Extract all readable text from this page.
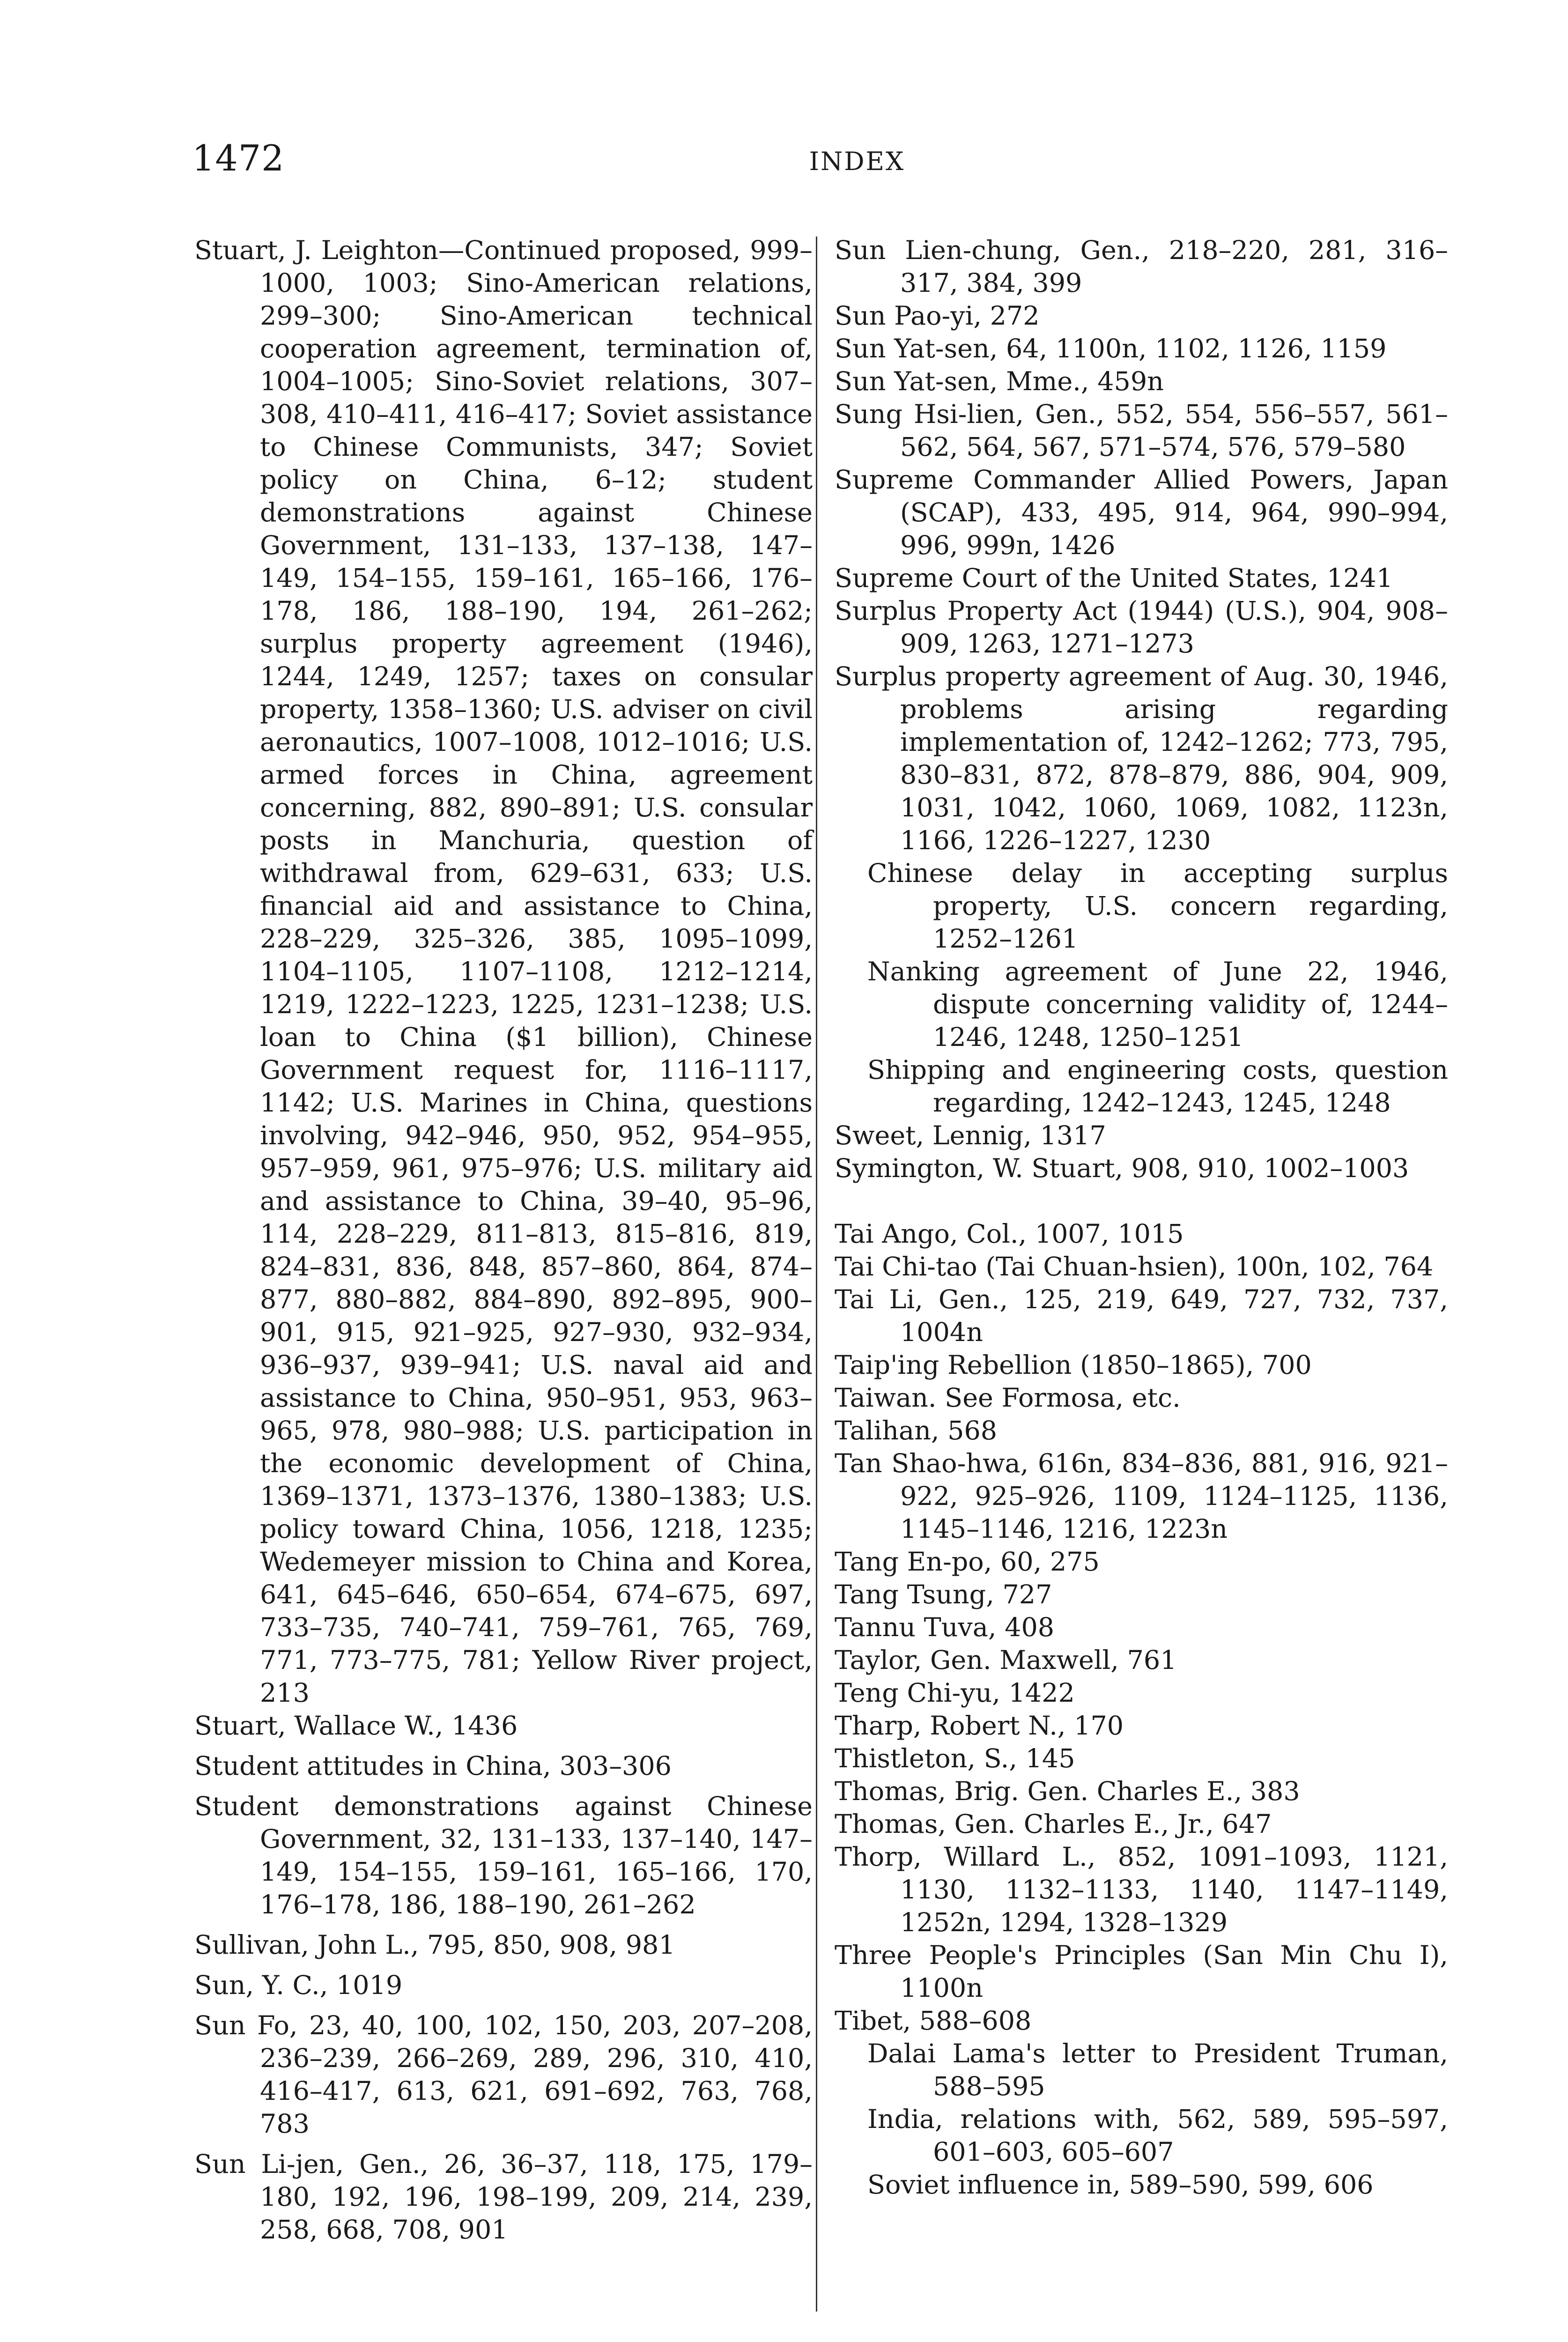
1472	INDEX
Stuart, J. Leighton—Continued proposed, 999–1000, 1003; Sino-American relations, 299–300; Sino-American technical cooperation agreement, termination of, 1004–1005; Sino-Soviet relations, 307–308, 410–411, 416–417; Soviet assistance to Chinese Communists, 347; Soviet policy on China, 6–12; student demonstrations against Chinese Government, 131–133, 137–138, 147–149, 154–155, 159–161, 165–166, 176–178, 186, 188–190, 194, 261–262; surplus property agreement (1946), 1244, 1249, 1257; taxes on consular property, 1358–1360; U.S. adviser on civil aeronautics, 1007–1008, 1012–1016; U.S. armed forces in China, agreement concerning, 882, 890–891; U.S. consular posts in Manchuria, question of withdrawal from, 629–631, 633; U.S. financial aid and assistance to China, 228–229, 325–326, 385, 1095–1099, 1104–1105, 1107–1108, 1212–1214, 1219, 1222–1223, 1225, 1231–1238; U.S. loan to China ($1 billion), Chinese Government request for, 1116–1117, 1142; U.S. Marines in China, questions involving, 942–946, 950, 952, 954–955, 957–959, 961, 975–976; U.S. military aid and assistance to China, 39–40, 95–96, 114, 228–229, 811–813, 815–816, 819, 824–831, 836, 848, 857–860, 864, 874–877, 880–882, 884–890, 892–895, 900–901, 915, 921–925, 927–930, 932–934, 936–937, 939–941; U.S. naval aid and assistance to China, 950–951, 953, 963–965, 978, 980–988; U.S. participation in the economic development of China, 1369–1371, 1373–1376, 1380–1383; U.S. policy toward China, 1056, 1218, 1235; Wedemeyer mission to China and Korea, 641, 645–646, 650–654, 674–675, 697, 733–735, 740–741, 759–761, 765, 769, 771, 773–775, 781; Yellow River project, 213
Stuart, Wallace W., 1436
Student attitudes in China, 303–306
Student demonstrations against Chinese Government, 32, 131–133, 137–140, 147–149, 154–155, 159–161, 165–166, 170, 176–178, 186, 188–190, 261–262
Sullivan, John L., 795, 850, 908, 981
Sun, Y. C., 1019
Sun Fo, 23, 40, 100, 102, 150, 203, 207–208, 236–239, 266–269, 289, 296, 310, 410, 416–417, 613, 621, 691–692, 763, 768, 783
Sun Li-jen, Gen., 26, 36–37, 118, 175, 179–180, 192, 196, 198–199, 209, 214, 239, 258, 668, 708, 901
Sun Lien-chung, Gen., 218–220, 281, 316–317, 384, 399
Sun Pao-yi, 272
Sun Yat-sen, 64, 1100n, 1102, 1126, 1159
Sun Yat-sen, Mme., 459n
Sung Hsi-lien, Gen., 552, 554, 556–557, 561–562, 564, 567, 571–574, 576, 579–580
Supreme Commander Allied Powers, Japan (SCAP), 433, 495, 914, 964, 990–994, 996, 999n, 1426
Supreme Court of the United States, 1241
Surplus Property Act (1944) (U.S.), 904, 908–909, 1263, 1271–1273
Surplus property agreement of Aug. 30, 1946, problems arising regarding implementation of, 1242–1262; 773, 795, 830–831, 872, 878–879, 886, 904, 909, 1031, 1042, 1060, 1069, 1082, 1123n, 1166, 1226–1227, 1230
Chinese delay in accepting surplus property, U.S. concern regarding, 1252–1261
Nanking agreement of June 22, 1946, dispute concerning validity of, 1244–1246, 1248, 1250–1251
Shipping and engineering costs, question regarding, 1242–1243, 1245, 1248
Sweet, Lennig, 1317
Symington, W. Stuart, 908, 910, 1002–1003
Tai Ango, Col., 1007, 1015
Tai Chi-tao (Tai Chuan-hsien), 100n, 102, 764
Tai Li, Gen., 125, 219, 649, 727, 732, 737, 1004n
Taip'ing Rebellion (1850–1865), 700
Taiwan. See Formosa, etc.
Talihan, 568
Tan Shao-hwa, 616n, 834–836, 881, 916, 921–922, 925–926, 1109, 1124–1125, 1136, 1145–1146, 1216, 1223n
Tang En-po, 60, 275
Tang Tsung, 727
Tannu Tuva, 408
Taylor, Gen. Maxwell, 761
Teng Chi-yu, 1422
Tharp, Robert N., 170
Thistleton, S., 145
Thomas, Brig. Gen. Charles E., 383
Thomas, Gen. Charles E., Jr., 647
Thorp, Willard L., 852, 1091–1093, 1121, 1130, 1132–1133, 1140, 1147–1149, 1252n, 1294, 1328–1329
Three People's Principles (San Min Chu I), 1100n
Tibet, 588–608
Dalai Lama's letter to President Truman, 588–595
India, relations with, 562, 589, 595–597, 601–603, 605–607
Soviet influence in, 589–590, 599, 606
